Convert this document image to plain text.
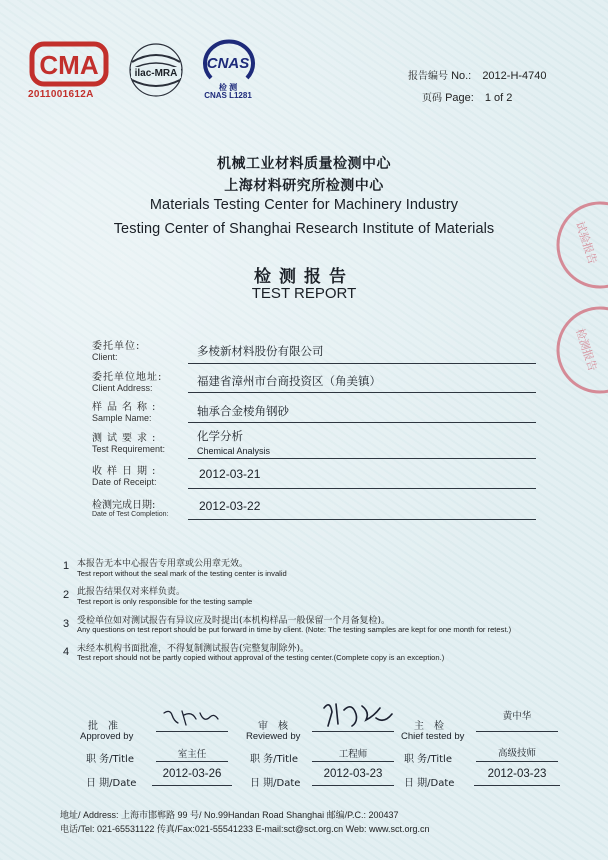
CMA
2011001612A
ilac-MRA
CNAS
检 测
CNAS L1281
报告编号 No.: 2012-H-4740
页码 Page: 1 of 2
机械工业材料质量检测中心
上海材料研究所检测中心
Materials Testing Center for Machinery Industry
Testing Center of Shanghai Research Institute of Materials
检测报告
TEST REPORT
委托单位:
Client:	多棱新材料股份有限公司
委托单位地址:
Client Address:	福建省漳州市台商投资区（角美镇）
样品名称:
Sample Name:	轴承合金棱角钢砂
测试要求:
Test Requirement:
化学分析
Chemical Analysis
收样日期:
Date of Receipt:
2012-03-21
检测完成日期:
Date of Test Completion:
2012-03-22
1 本报告无本中心报告专用章或公用章无效。
Test report without the seal mark of the testing center is invalid
2 此报告结果仅对来样负责。
Test report is only responsible for the testing sample
3 受检单位如对测试报告有异议应及时提出(本机构样品一般保留一个月备复检)。
Any questions on test report should be put forward in time by client. (Note: The testing samples are kept for one month for retest.)
4 未经本机构书面批准，不得复制测试报告(完整复制除外)。
Test report should not be partly copied without approval of the testing center.(Complete copy is an exception.)
批准
Approved by
职 务/Title	室主任
日 期/Date
2012-03-26
审核
Reviewed by
职 务/Title	工程师
日 期/Date
2012-03-23
主检
Chief tested by
黄中华
职 务/Title
高级技师
日 期/Date
2012-03-23
地址/ Address: 上海市邯郸路 99 号/ No.99Handan Road Shanghai 邮编/P.C.: 200437
电话/Tel: 021-65531122 传真/Fax:021-55541233 E-mail:sct@sct.org.cn Web: www.sct.org.cn
试验报告
检测报告
